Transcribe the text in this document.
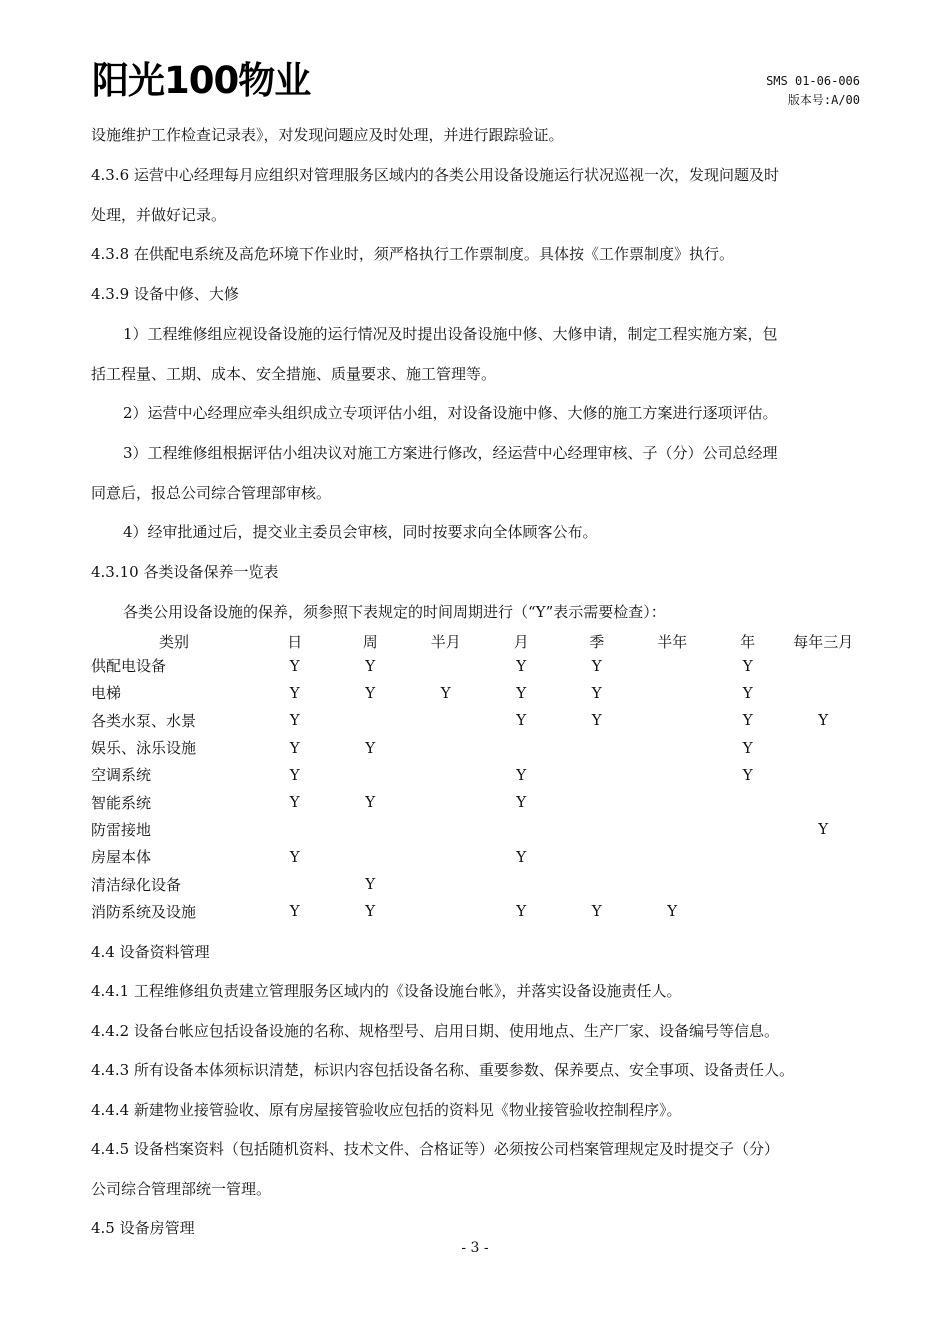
阳光100物业	SMS 01-06-006
版本号:A/00
设施维护工作检查记录表》，对发现问题应及时处理，并进行跟踪验证。
4.3.6 运营中心经理每月应组织对管理服务区域内的各类公用设备设施运行状况巡视一次，发现问题及时
处理，并做好记录。
4.3.8 在供配电系统及高危环境下作业时，须严格执行工作票制度。具体按《工作票制度》执行。
4.3.9 设备中修、大修
1）工程维修组应视设备设施的运行情况及时提出设备设施中修、大修申请，制定工程实施方案，包
括工程量、工期、成本、安全措施、质量要求、施工管理等。
2）运营中心经理应牵头组织成立专项评估小组，对设备设施中修、大修的施工方案进行逐项评估。
3）工程维修组根据评估小组决议对施工方案进行修改，经运营中心经理审核、子（分）公司总经理
同意后，报总公司综合管理部审核。
4）经审批通过后，提交业主委员会审核，同时按要求向全体顾客公布。
4.3.10 各类设备保养一览表
各类公用设备设施的保养，须参照下表规定的时间周期进行（“Y”表示需要检查）：
类别	日	周	半月	月	季	半年	年	每年三月
供配电设备	Y	Y		Y	Y		Y	
电梯	Y	Y	Y	Y	Y		Y	
各类水泵、水景	Y			Y	Y		Y	Y
娱乐、泳乐设施	Y	Y					Y	
空调系统	Y			Y			Y	
智能系统	Y	Y		Y				
防雷接地								Y
房屋本体	Y			Y				
清洁绿化设备		Y						
消防系统及设施	Y	Y		Y	Y	Y		
4.4 设备资料管理
4.4.1 工程维修组负责建立管理服务区域内的《设备设施台帐》，并落实设备设施责任人。
4.4.2 设备台帐应包括设备设施的名称、规格型号、启用日期、使用地点、生产厂家、设备编号等信息。
4.4.3 所有设备本体须标识清楚，标识内容包括设备名称、重要参数、保养要点、安全事项、设备责任人。
4.4.4 新建物业接管验收、原有房屋接管验收应包括的资料见《物业接管验收控制程序》。
4.4.5 设备档案资料（包括随机资料、技术文件、合格证等）必须按公司档案管理规定及时提交子（分）
公司综合管理部统一管理。
4.5 设备房管理
- 3 -
